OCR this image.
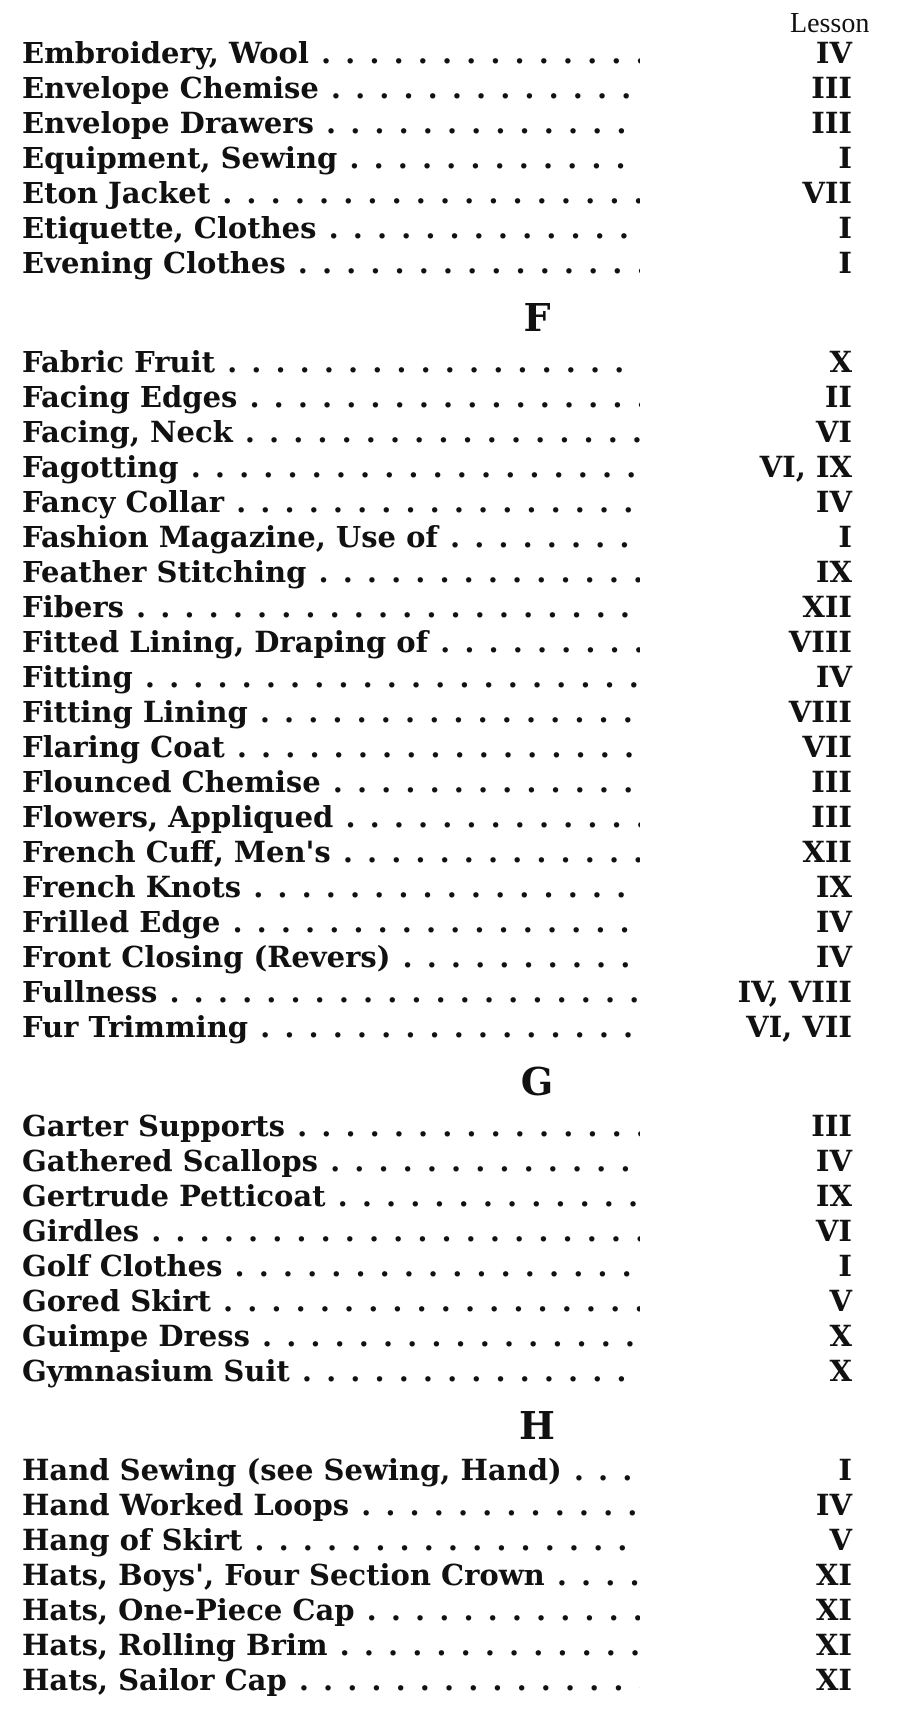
Lesson
Embroidery, Wool . . .	IV
Envelope Chemise . . .	III
Envelope Drawers . . .	III
Equipment, Sewing . . .	I
Eton Jacket . . .	VII
Etiquette, Clothes . . .	I
Evening Clothes . . .	I
F
Fabric Fruit . . .	X
Facing Edges . . .	II
Facing, Neck . . .	VI
Fagotting . . .	VI, IX
Fancy Collar . . .	IV
Fashion Magazine, Use of . . .	I
Feather Stitching . . .	IX
Fibers . . .	XII
Fitted Lining, Draping of . . .	VIII
Fitting . . .	IV
Fitting Lining . . .	VIII
Flaring Coat . . .	VII
Flounced Chemise . . .	III
Flowers, Appliqued . . .	III
French Cuff, Men's . . .	XII
French Knots . . .	IX
Frilled Edge . . .	IV
Front Closing (Revers) . . .	IV
Fullness . . .	IV, VIII
Fur Trimming . . .	VI, VII
G
Garter Supports . . .	III
Gathered Scallops . . .	IV
Gertrude Petticoat . . .	IX
Girdles . . .	VI
Golf Clothes . . .	I
Gored Skirt . . .	V
Guimpe Dress . . .	X
Gymnasium Suit . . .	X
H
Hand Sewing (see Sewing, Hand) . . .	I
Hand Worked Loops . . .	IV
Hang of Skirt . . .	V
Hats, Boys', Four Section Crown . . .	XI
Hats, One-Piece Cap . . .	XI
Hats, Rolling Brim . . .	XI
Hats, Sailor Cap . . .	XI
